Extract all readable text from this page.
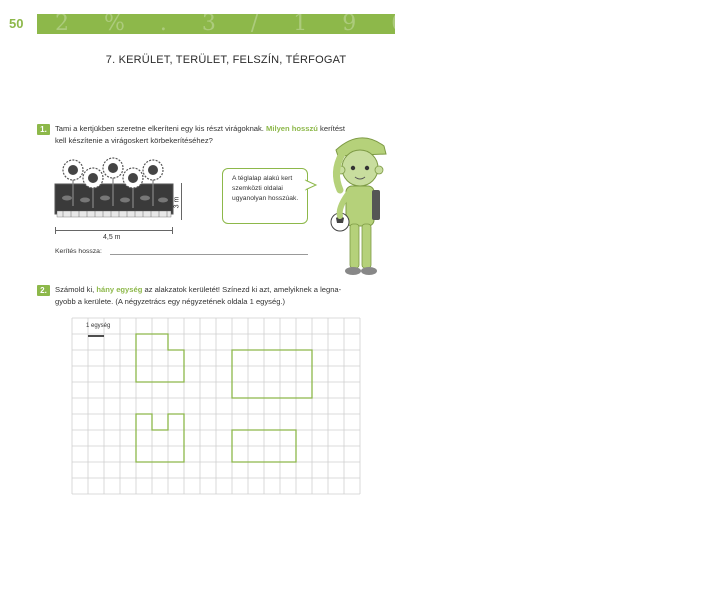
50 2 % . 3 / 1 9 6 1 5 8 0 1 7
7. KERÜLET, TERÜLET, FELSZÍN, TÉRFOGAT
1.	Tami a kertjükben szeretne elkeríteni egy kis részt virágoknak. Milyen hosszú kerítést
kell készítenie a virágoskert körbekerítéséhez?
4,5 m
3 m
A téglalap alakú kert szemközti oldalai ugyanolyan hosszúak.
Kerítés hossza:
2.	Számold ki, hány egység az alakzatok kerületét! Színezd ki azt, amelyiknek a legna-
gyobb a kerülete. (A négyzetrács egy négyzetének oldala 1 egység.)
1 egység
